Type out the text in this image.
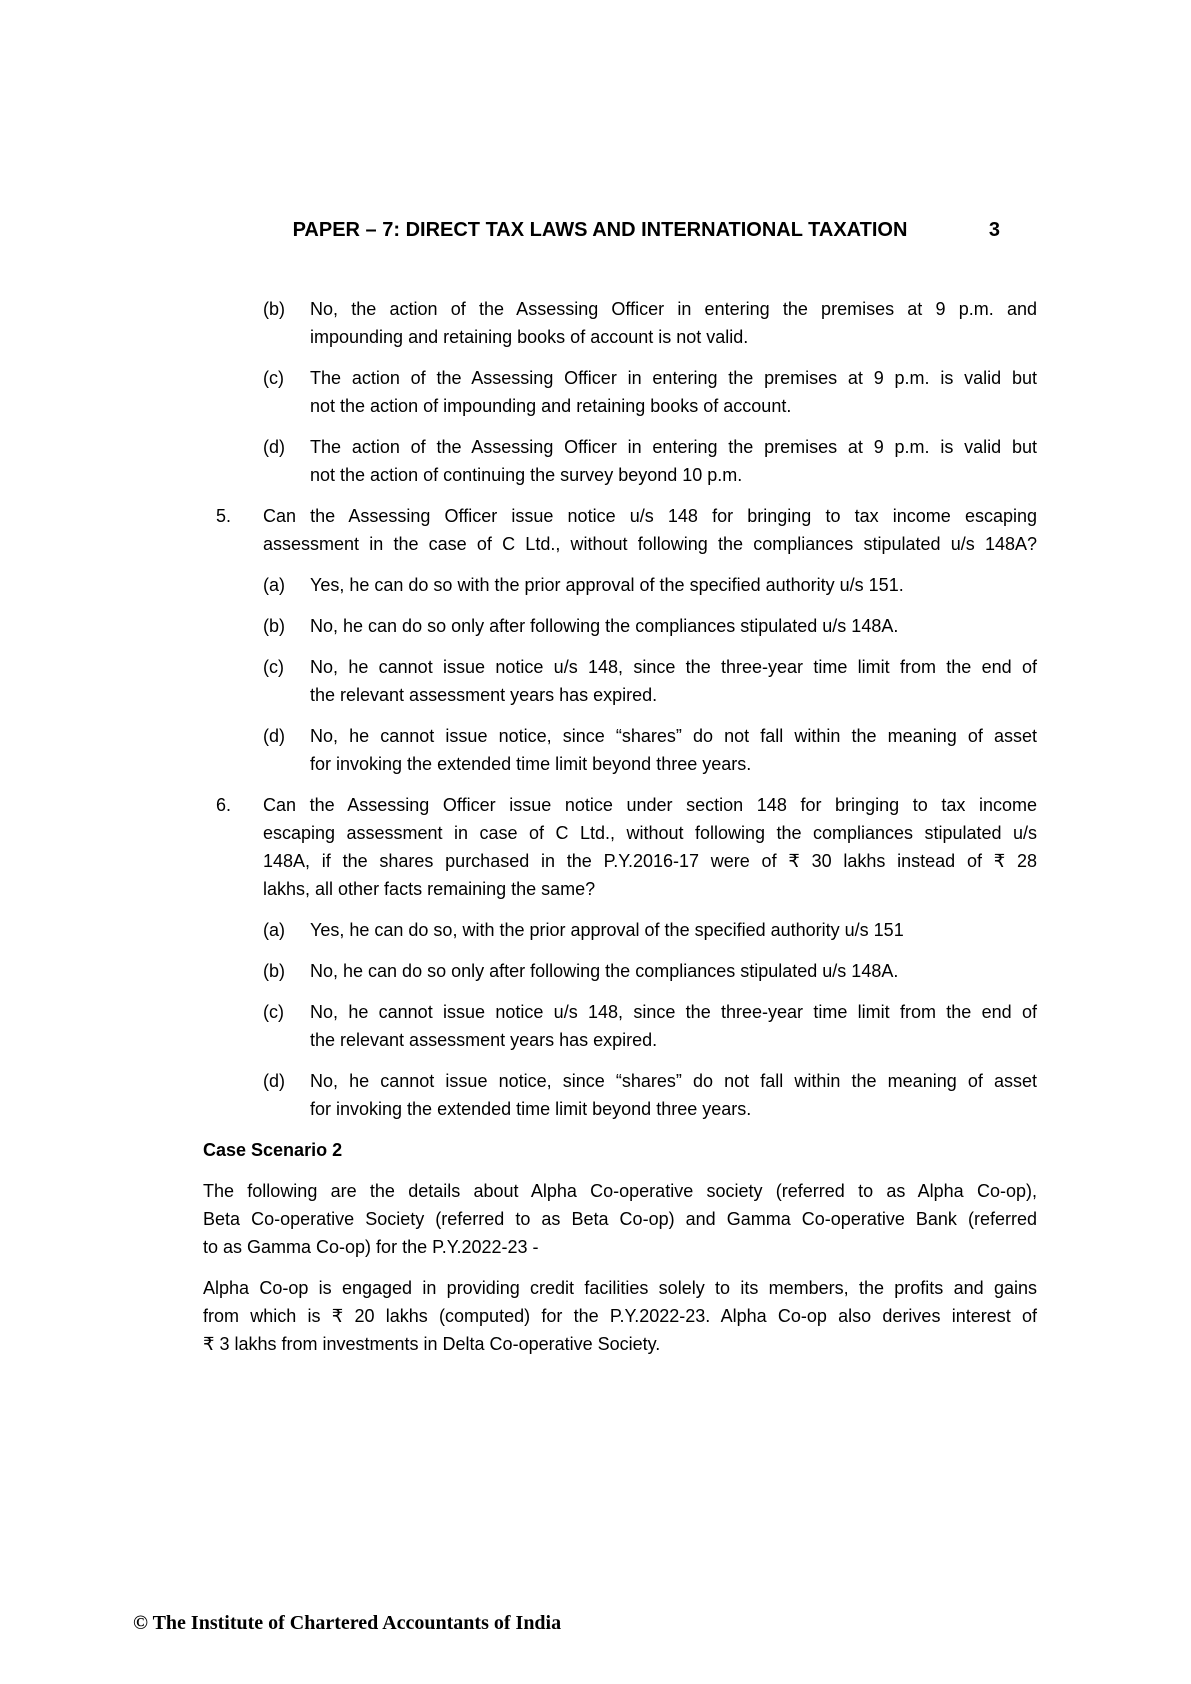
PAPER – 7: DIRECT TAX LAWS AND INTERNATIONAL TAXATION	3
(b)	No, the action of the Assessing Officer in entering the premises at 9 p.m. and
impounding and retaining books of account is not valid.
(c)	The action of the Assessing Officer in entering the premises at 9 p.m. is valid but
not the action of impounding and retaining books of account.
(d)	The action of the Assessing Officer in entering the premises at 9 p.m. is valid but
not the action of continuing the survey beyond 10 p.m.
5.	Can the Assessing Officer issue notice u/s 148 for bringing to tax income escaping
assessment in the case of C Ltd., without following the compliances stipulated u/s 148A?
(a)	Yes, he can do so with the prior approval of the specified authority u/s 151.
(b)	No, he can do so only after following the compliances stipulated u/s 148A.
(c)	No, he cannot issue notice u/s 148, since the three-year time limit from the end of
the relevant assessment years has expired.
(d)	No, he cannot issue notice, since “shares” do not fall within the meaning of asset
for invoking the extended time limit beyond three years.
6.	Can the Assessing Officer issue notice under section 148 for bringing to tax income
escaping assessment in case of C Ltd., without following the compliances stipulated u/s
148A, if the shares purchased in the P.Y.2016-17 were of ₹ 30 lakhs instead of ₹ 28
lakhs, all other facts remaining the same?
(a)	Yes, he can do so, with the prior approval of the specified authority u/s 151
(b)	No, he can do so only after following the compliances stipulated u/s 148A.
(c)	No, he cannot issue notice u/s 148, since the three-year time limit from the end of
the relevant assessment years has expired.
(d)	No, he cannot issue notice, since “shares” do not fall within the meaning of asset
for invoking the extended time limit beyond three years.
Case Scenario 2
The following are the details about Alpha Co-operative society (referred to as Alpha Co-op),
Beta Co-operative Society (referred to as Beta Co-op) and Gamma Co-operative Bank (referred
to as Gamma Co-op) for the P.Y.2022-23 -
Alpha Co-op is engaged in providing credit facilities solely to its members, the profits and gains
from which is ₹ 20 lakhs (computed) for the P.Y.2022-23. Alpha Co-op also derives interest of
₹ 3 lakhs from investments in Delta Co-operative Society.
© The Institute of Chartered Accountants of India
